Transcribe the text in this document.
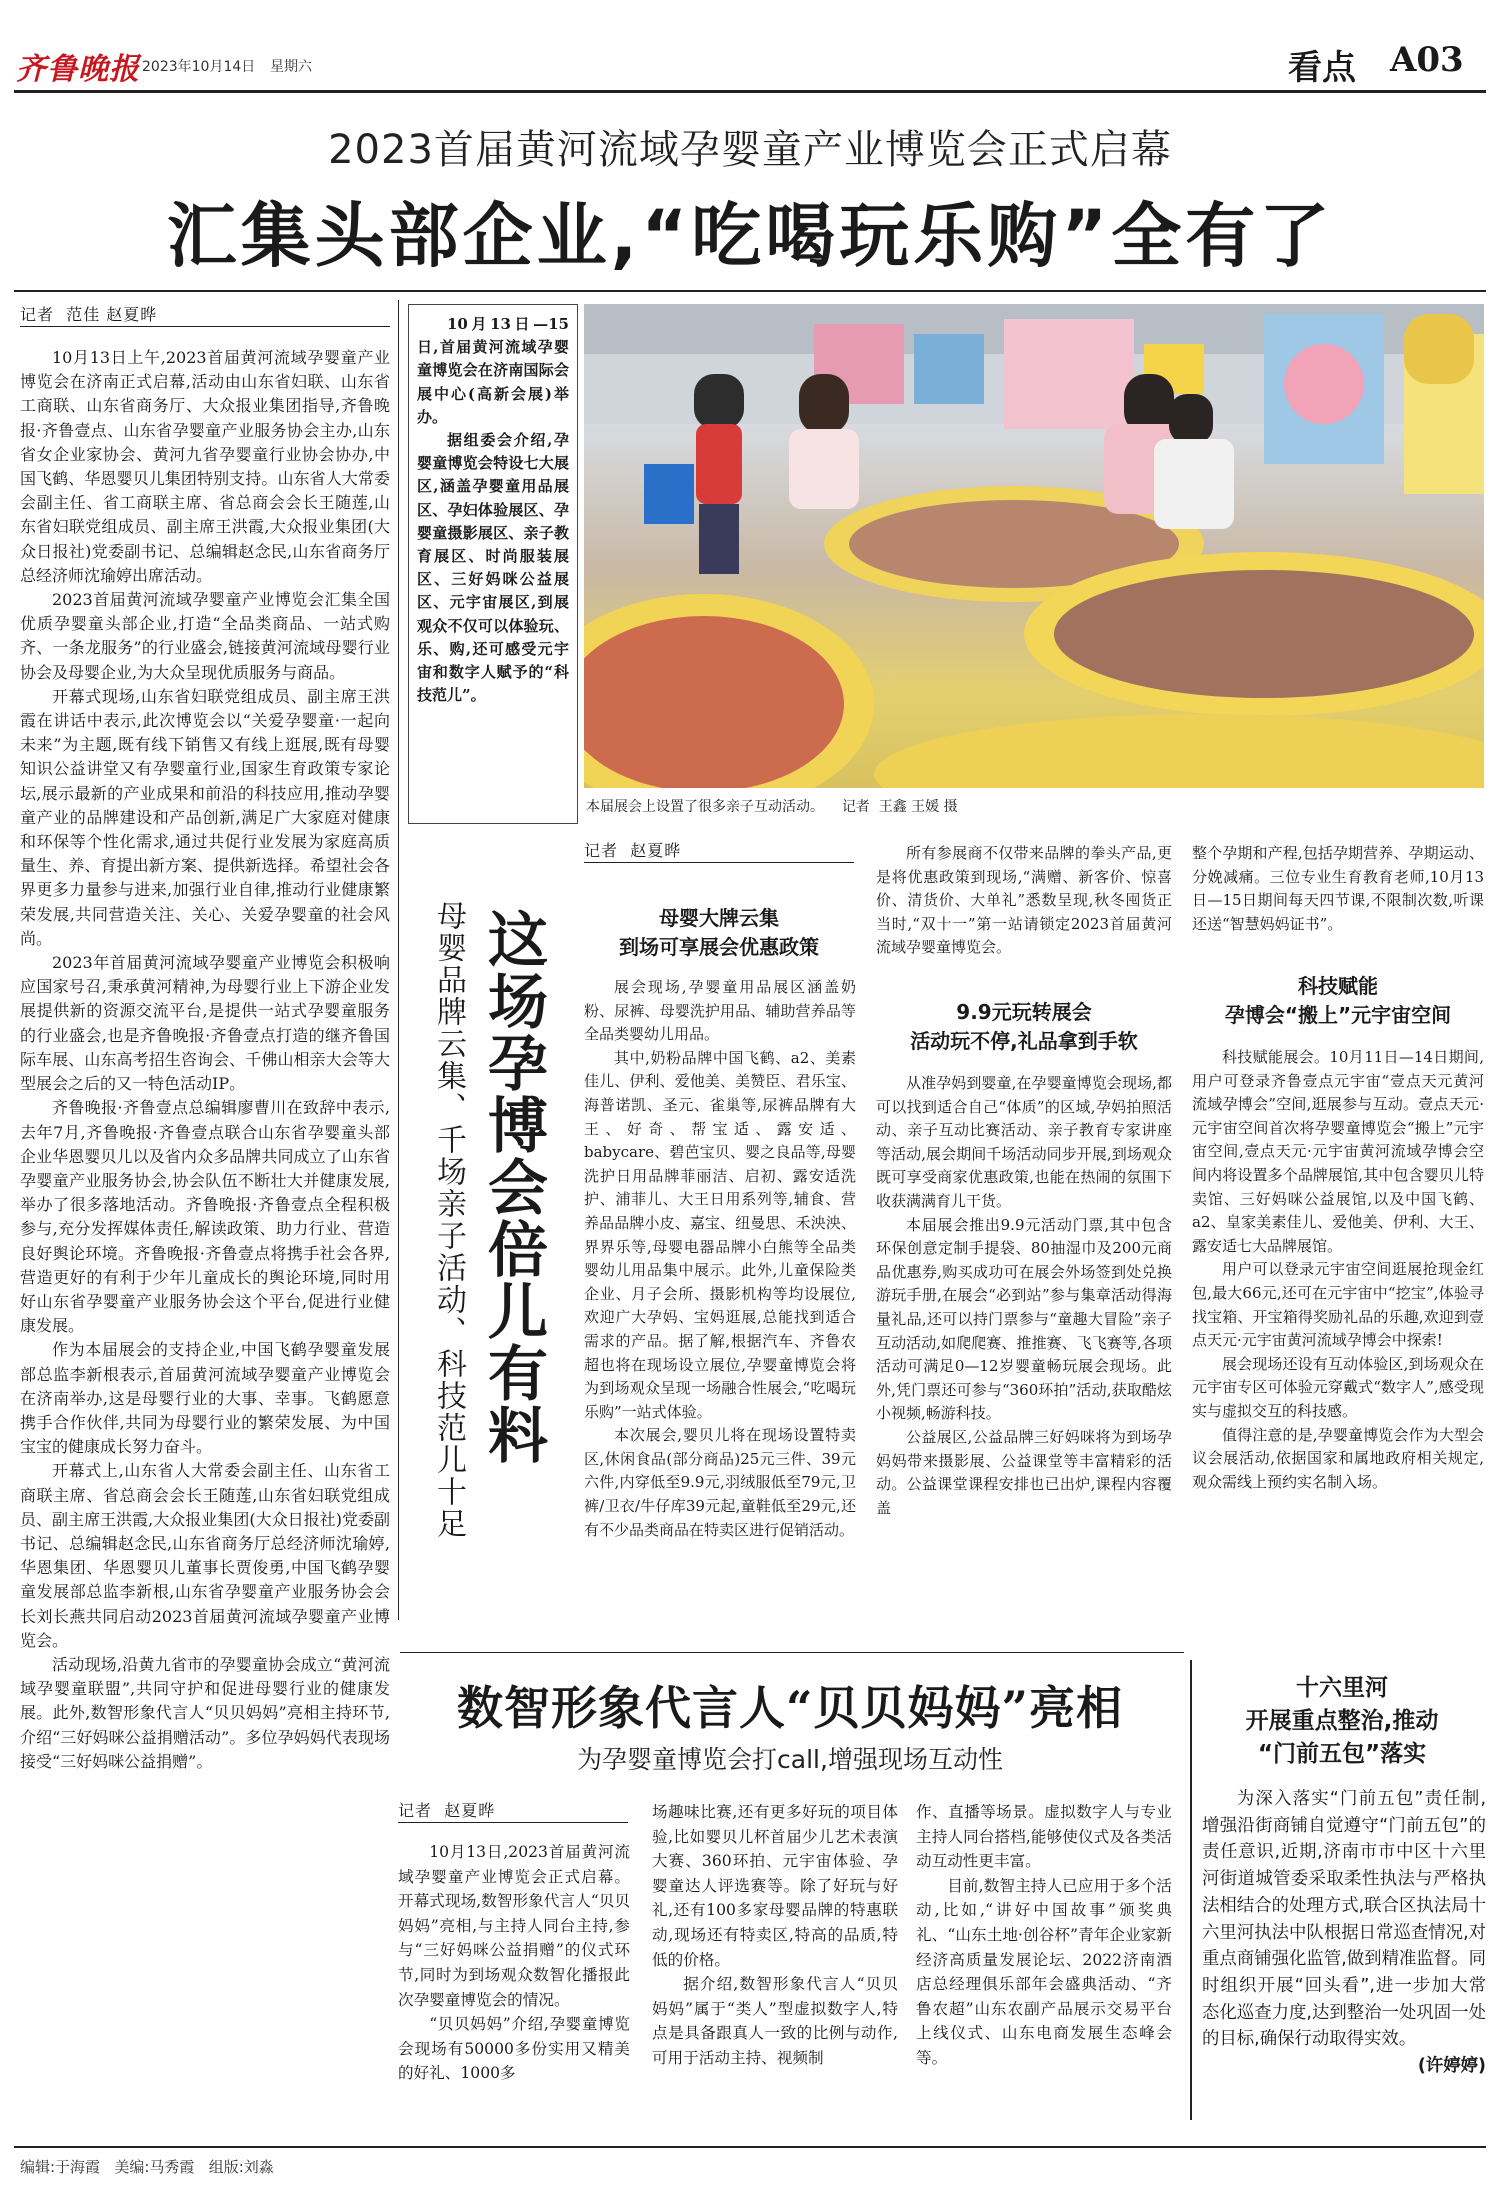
齐鲁晚报 2023年10月14日 星期六	看点 A03
2023首届黄河流域孕婴童产业博览会正式启幕
汇集头部企业,“吃喝玩乐购”全有了
记者 范佳 赵夏晔

10月13日上午,2023首届黄河流域孕婴童产业博览会在济南正式启幕,活动由山东省妇联、山东省工商联、山东省商务厅、大众报业集团指导,齐鲁晚报·齐鲁壹点、山东省孕婴童产业服务协会主办,山东省女企业家协会、黄河九省孕婴童行业协会协办,中国飞鹤、华恩婴贝儿集团特别支持。山东省人大常委会副主任、省工商联主席、省总商会会长王随莲,山东省妇联党组成员、副主席王洪霞,大众报业集团(大众日报社)党委副书记、总编辑赵念民,山东省商务厅总经济师沈瑜婷出席活动。

2023首届黄河流域孕婴童产业博览会汇集全国优质孕婴童头部企业,打造“全品类商品、一站式购齐、一条龙服务”的行业盛会,链接黄河流域母婴行业协会及母婴企业,为大众呈现优质服务与商品。

开幕式现场,山东省妇联党组成员、副主席王洪霞在讲话中表示,此次博览会以“关爱孕婴童·一起向未来”为主题,既有线下销售又有线上逛展,既有母婴知识公益讲堂又有孕婴童行业,国家生育政策专家论坛,展示最新的产业成果和前沿的科技应用,推动孕婴童产业的品牌建设和产品创新,满足广大家庭对健康和环保等个性化需求,通过共促行业发展为家庭高质量生、养、育提出新方案、提供新选择。希望社会各界更多力量参与进来,加强行业自律,推动行业健康繁荣发展,共同营造关注、关心、关爱孕婴童的社会风尚。

2023年首届黄河流域孕婴童产业博览会积极响应国家号召,秉承黄河精神,为母婴行业上下游企业发展提供新的资源交流平台,是提供一站式孕婴童服务的行业盛会,也是齐鲁晚报·齐鲁壹点打造的继齐鲁国际车展、山东高考招生咨询会、千佛山相亲大会等大型展会之后的又一特色活动IP。

齐鲁晚报·齐鲁壹点总编辑廖曹川在致辞中表示,去年7月,齐鲁晚报·齐鲁壹点联合山东省孕婴童头部企业华恩婴贝儿以及省内众多品牌共同成立了山东省孕婴童产业服务协会,协会队伍不断壮大并健康发展,举办了很多落地活动。齐鲁晚报·齐鲁壹点全程积极参与,充分发挥媒体责任,解读政策、助力行业、营造良好舆论环境。齐鲁晚报·齐鲁壹点将携手社会各界,营造更好的有利于少年儿童成长的舆论环境,同时用好山东省孕婴童产业服务协会这个平台,促进行业健康发展。

作为本届展会的支持企业,中国飞鹤孕婴童发展部总监李新根表示,首届黄河流域孕婴童产业博览会在济南举办,这是母婴行业的大事、幸事。飞鹤愿意携手合作伙伴,共同为母婴行业的繁荣发展、为中国宝宝的健康成长努力奋斗。

开幕式上,山东省人大常委会副主任、山东省工商联主席、省总商会会长王随莲,山东省妇联党组成员、副主席王洪霞,大众报业集团(大众日报社)党委副书记、总编辑赵念民,山东省商务厅总经济师沈瑜婷,华恩集团、华恩婴贝儿董事长贾俊勇,中国飞鹤孕婴童发展部总监李新根,山东省孕婴童产业服务协会会长刘长燕共同启动2023首届黄河流域孕婴童产业博览会。

活动现场,沿黄九省市的孕婴童协会成立“黄河流域孕婴童联盟”,共同守护和促进母婴行业的健康发展。此外,数智形象代言人“贝贝妈妈”亮相主持环节,介绍“三好妈咪公益捐赠活动”。多位孕妈妈代表现场接受“三好妈咪公益捐赠”。

10月13日—15日,首届黄河流域孕婴童博览会在济南国际会展中心(高新会展)举办。

据组委会介绍,孕婴童博览会特设七大展区,涵盖孕婴童用品展区、孕妇体验展区、孕婴童摄影展区、亲子教育展区、时尚服装展区、三好妈咪公益展区、元宇宙展区,到展观众不仅可以体验玩、乐、购,还可感受元宇宙和数字人赋予的“科技范儿”。

本届展会上设置了很多亲子互动活动。 记者 王鑫 王媛 摄
这场孕博会倍儿有料
母婴品牌云集、千场亲子活动、科技范儿十足
记者 赵夏晔
母婴大牌云集
到场可享展会优惠政策

展会现场,孕婴童用品展区涵盖奶粉、尿裤、母婴洗护用品、辅助营养品等全品类婴幼儿用品。

其中,奶粉品牌中国飞鹤、a2、美素佳儿、伊利、爱他美、美赞臣、君乐宝、海普诺凯、圣元、雀巢等,尿裤品牌有大王、好奇、帮宝适、露安适、babycare、碧芭宝贝、婴之良品等,母婴洗护日用品牌菲丽洁、启初、露安适洗护、浦菲儿、大王日用系列等,辅食、营养品品牌小皮、嘉宝、纽曼思、禾泱泱、界界乐等,母婴电器品牌小白熊等全品类婴幼儿用品集中展示。此外,儿童保险类企业、月子会所、摄影机构等均设展位,欢迎广大孕妈、宝妈逛展,总能找到适合需求的产品。据了解,根据汽车、齐鲁农超也将在现场设立展位,孕婴童博览会将为到场观众呈现一场融合性展会,“吃喝玩乐购”一站式体验。

本次展会,婴贝儿将在现场设置特卖区,休闲食品(部分商品)25元三件、39元六件,内穿低至9.9元,羽绒服低至79元,卫裤/卫衣/牛仔库39元起,童鞋低至29元,还有不少品类商品在特卖区进行促销活动。

所有参展商不仅带来品牌的拳头产品,更是将优惠政策到现场,“满赠、新客价、惊喜价、清货价、大单礼”悉数呈现,秋冬囤货正当时,“双十一”第一站请锁定2023首届黄河流域孕婴童博览会。

9.9元玩转展会
活动玩不停,礼品拿到手软

从准孕妈到婴童,在孕婴童博览会现场,都可以找到适合自己“体质”的区域,孕妈拍照活动、亲子互动比赛活动、亲子教育专家讲座等活动,展会期间千场活动同步开展,到场观众既可享受商家优惠政策,也能在热闹的氛围下收获满满育儿干货。

本届展会推出9.9元活动门票,其中包含环保创意定制手提袋、80抽湿巾及200元商品优惠券,购买成功可在展会外场签到处兑换游玩手册,在展会“必到站”参与集章活动得海量礼品,还可以持门票参与“童趣大冒险”亲子互动活动,如爬爬赛、推推赛、飞飞赛等,各项活动可满足0—12岁婴童畅玩展会现场。此外,凭门票还可参与“360环拍”活动,获取酷炫小视频,畅游科技。

公益展区,公益品牌三好妈咪将为到场孕妈妈带来摄影展、公益课堂等丰富精彩的活动。公益课堂课程安排也已出炉,课程内容覆盖

整个孕期和产程,包括孕期营养、孕期运动、分娩减痛。三位专业生育教育老师,10月13日—15日期间每天四节课,不限制次数,听课还送“智慧妈妈证书”。

科技赋能
孕博会“搬上”元宇宙空间

科技赋能展会。10月11日—14日期间,用户可登录齐鲁壹点元宇宙“壹点天元黄河流域孕博会”空间,逛展参与互动。壹点天元·元宇宙空间首次将孕婴童博览会“搬上”元宇宙空间,壹点天元·元宇宙黄河流域孕博会空间内将设置多个品牌展馆,其中包含婴贝儿特卖馆、三好妈咪公益展馆,以及中国飞鹤、a2、皇家美素佳儿、爱他美、伊利、大王、露安适七大品牌展馆。

用户可以登录元宇宙空间逛展抢现金红包,最大66元,还可在元宇宙中“挖宝”,体验寻找宝箱、开宝箱得奖励礼品的乐趣,欢迎到壹点天元·元宇宙黄河流域孕博会中探索!

展会现场还设有互动体验区,到场观众在元宇宙专区可体验元穿戴式“数字人”,感受现实与虚拟交互的科技感。

值得注意的是,孕婴童博览会作为大型会议会展活动,依据国家和属地政府相关规定,观众需线上预约实名制入场。

数智形象代言人“贝贝妈妈”亮相
为孕婴童博览会打call,增强现场互动性
记者 赵夏晔

10月13日,2023首届黄河流域孕婴童产业博览会正式启幕。开幕式现场,数智形象代言人“贝贝妈妈”亮相,与主持人同台主持,参与“三好妈咪公益捐赠”的仪式环节,同时为到场观众数智化播报此次孕婴童博览会的情况。

“贝贝妈妈”介绍,孕婴童博览会现场有50000多份实用又精美的好礼、1000多

场趣味比赛,还有更多好玩的项目体验,比如婴贝儿杯首届少儿艺术表演大赛、360环拍、元宇宙体验、孕婴童达人评选赛等。除了好玩与好礼,还有100多家母婴品牌的特惠联动,现场还有特卖区,特高的品质,特低的价格。

据介绍,数智形象代言人“贝贝妈妈”属于“类人”型虚拟数字人,特点是具备跟真人一致的比例与动作,可用于活动主持、视频制

作、直播等场景。虚拟数字人与专业主持人同台搭档,能够使仪式及各类活动互动性更丰富。

目前,数智主持人已应用于多个活动,比如,“讲好中国故事”颁奖典礼、“山东土地·创谷杯”青年企业家新经济高质量发展论坛、2022济南酒店总经理俱乐部年会盛典活动、“齐鲁农超”山东农副产品展示交易平台上线仪式、山东电商发展生态峰会等。

十六里河
开展重点整治,推动
“门前五包”落实

为深入落实“门前五包”责任制,增强沿街商铺自觉遵守“门前五包”的责任意识,近期,济南市市中区十六里河街道城管委采取柔性执法与严格执法相结合的处理方式,联合区执法局十六里河执法中队根据日常巡查情况,对重点商铺强化监管,做到精准监督。同时组织开展“回头看”,进一步加大常态化巡查力度,达到整治一处巩固一处的目标,确保行动取得实效。

(许婷婷)

编辑:于海霞   美编:马秀霞   组版:刘淼
